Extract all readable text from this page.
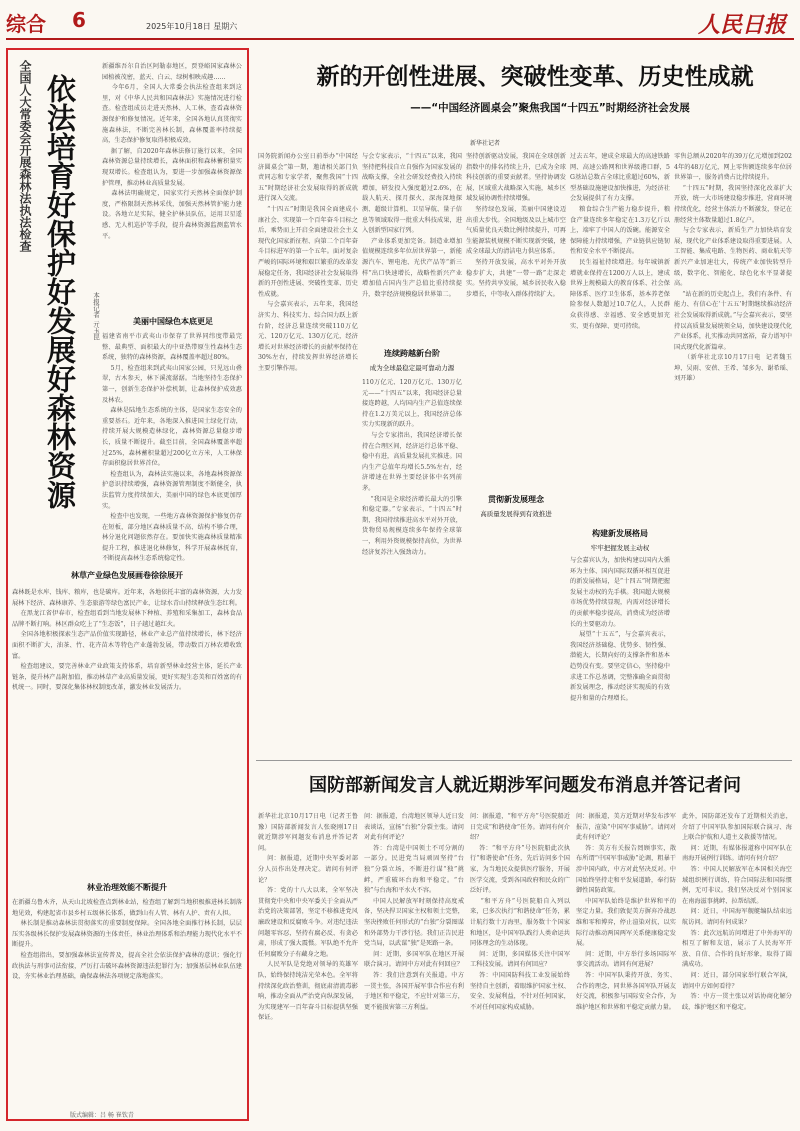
综合 6	2025年10月18日 星期六	人民日报
全国人大常委会开展森林法执法检查 依法培育好保护好发展好森林资源	本报记者 亓玉昆
新疆维吾尔自治区阿勒泰地区，贾登峪国家森林公园植被茂密，蓝天、白云、绿树相映成趣……
今年6月，全国人大常委会执法检查组来到这里，对《中华人民共和国森林法》实施情况进行检查。检查组成员走进天然林、人工林，查看森林资源保护和修复情况。近年来，全国各地认真贯彻实施森林法，不断完善林长制，森林覆盖率持续提高，生态保护修复取得积极成效。
据了解，自2020年森林法修订施行以来，全国森林资源总量持续增长，森林面积和森林蓄积量实现双增长。检查组认为，要进一步加强森林资源保护管理，推动林业高质量发展。
森林法明确规定，国家实行天然林全面保护制度，严格限制天然林采伐，加强天然林管护能力建设。各地立足实际，健全护林员队伍，运用卫星遥感、无人机巡护等手段，提升森林资源监测监管水平。
美丽中国绿色本底更足
福建省南平市武夷山市保存了世界同纬度带最完整、最典型、面积最大的中亚热带原生性森林生态系统，独特的森林资源，森林覆盖率超过80%。
5月，检查组来到武夷山国家公园，只见远山叠翠，古木参天，林下溪流潺潺。当地坚持生态保护第一，创新生态保护补偿机制，让森林保护成效惠及林农。
森林是陆地生态系统的主体，是国家生态安全的重要基石。近年来，各地深入推进国土绿化行动，持续开展大规模造林绿化，森林资源总量稳步增长，质量不断提升。截至目前，全国森林覆盖率超过25%，森林蓄积量超过200亿立方米，人工林保存面积稳居世界首位。
检查组认为，森林法实施以来，各地森林资源保护意识持续增强，森林资源管理制度不断健全，执法监管力度持续加大，美丽中国的绿色本底更加厚实。
检查中也发现，一些地方森林资源保护修复仍存在短板，部分地区森林质量不高、结构不够合理，林分退化问题依然存在。要加快实施森林质量精准提升工程，推进退化林修复，科学开展森林抚育，不断提高森林生态系统稳定性。
林草产业绿色发展画卷徐徐展开
森林既是水库、钱库、粮库，也是碳库。近年来，各地依托丰富的森林资源，大力发展林下经济、森林康养、生态旅游等绿色富民产业，让绿水青山持续释放生态红利。
在黑龙江省伊春市，检查组看到当地发展林下种植、养殖和采集加工，森林食品品牌不断打响。林区群众吃上了“生态饭”，日子越过越红火。
全国各地积极探索生态产品价值实现路径，林业产业总产值持续增长，林下经济面积不断扩大，油茶、竹、花卉苗木等特色产业蓬勃发展，带动数百万林农增收致富。
检查组建议，要完善林业产业政策支持体系，培育新型林业经营主体，延长产业链条，提升林产品附加值，推动林草产业高质量发展，更好实现生态美和百姓富的有机统一。同时，要深化集体林权制度改革，激发林业发展活力。
林业治理效能不断提升
在新疆乌鲁木齐，从天山北坡检查点到林业站，检查组了解到当地积极推进林长制落地见效，构建起省市县乡村五级林长体系，做到山有人管、林有人护、责有人担。
林长制是推动森林法贯彻落实的重要制度保障。全国各地全面推行林长制，层层压实各级林长保护发展森林资源的主体责任，林业治理体系和治理能力现代化水平不断提升。
检查组指出，要加强森林法宣传普及，提高全社会依法保护森林的意识；强化行政执法与刑事司法衔接，严厉打击破坏森林资源违法犯罪行为；加强基层林业队伍建设，夯实林业治理基础，确保森林法各项规定落地落实。
版式编辑：吕 畅 崔钦青
新的开创性进展、突破性变革、历史性成就
——“中国经济圆桌会”聚焦我国“十四五”时期经济社会发展
新华社记者
国务院新闻办公室日前举办“中国经济圆桌会”第一期，邀请相关部门负责同志和专家学者，聚焦我国“十四五”时期经济社会发展取得的新成就进行深入交流。
“十四五”时期是我国全面建成小康社会、实现第一个百年奋斗目标之后，乘势而上开启全面建设社会主义现代化国家新征程、向第二个百年奋斗目标进军的第一个五年。面对复杂严峻的国际环境和艰巨繁重的改革发展稳定任务，我国经济社会发展取得新的开创性进展、突破性变革、历史性成就。
与会嘉宾表示，五年来，我国经济实力、科技实力、综合国力跃上新台阶，经济总量连续突破110万亿元、120万亿元、130万亿元，经济增长对世界经济增长的贡献率保持在30%左右，持续发挥世界经济增长主要引擎作用。
连续跨越新台阶
成为全球最稳定最可靠动力源
与会专家表示，“十四五”以来，我国坚持把科技自立自强作为国家发展的战略支撑，全社会研发经费投入持续增加，研发投入强度超过2.6%，在载人航天、探月探火、深海深地探测、超级计算机、卫星导航、量子信息等领域取得一批重大科技成果，进入创新型国家行列。
产业体系更加完备。制造业增加值规模连续多年位居世界第一，新能源汽车、锂电池、光伏产品等“新三样”出口快速增长，战略性新兴产业增加值占国内生产总值比重持续提升，数字经济规模稳居世界第二。
110万亿元、120万亿元、130万亿元——“十四五”以来，我国经济总量接连跨越，人均国内生产总值连续保持在1.2万美元以上，我国经济总体实力实现新的跃升。
与会专家指出，我国经济增长保持在合理区间，经济运行总体平稳、稳中有进，高质量发展扎实推进。国内生产总值年均增长5.5%左右，经济增速在世界主要经济体中名列前茅。
“我国是全球经济增长最大的引擎和稳定器。”专家表示，“十四五”时期，我国持续推进高水平对外开放，货物贸易规模连续多年保持全球第一，利用外资规模保持高位，为世界经济复苏注入强劲动力。
贯彻新发展理念
高质量发展得到有效推进
坚持创新驱动发展，我国在全球创新指数中的排名持续上升，已成为全球科技创新的重要贡献者。坚持协调发展，区域重大战略深入实施，城乡区域发展协调性持续增强。
坚持绿色发展，美丽中国建设迈出重大步伐。全国地级及以上城市空气质量优良天数比例持续提升，可再生能源装机规模不断实现新突破，建成全球最大的清洁电力供应体系。
坚持开放发展，高水平对外开放稳步扩大，共建“一带一路”走深走实。坚持共享发展，城乡居民收入稳步增长，中等收入群体持续扩大。
过去五年，建成全球最大的高速铁路网、高速公路网和世界级港口群，5G基站总数占全球比重超过60%，新型基础设施建设加快推进，为经济社会发展提供了有力支撑。
粮食综合生产能力稳步提升，粮食产量连续多年稳定在1.3万亿斤以上，端牢了中国人的饭碗。能源安全保障能力持续增强，产业链供应链韧性和安全水平不断提高。
民生福祉持续增进。每年城镇新增就业保持在1200万人以上，建成世界上规模最大的教育体系、社会保障体系、医疗卫生体系，基本养老保险参保人数超过10.7亿人，人民群众获得感、幸福感、安全感更加充实、更有保障、更可持续。
构建新发展格局
牢牢把握发展主动权
与会嘉宾认为，加快构建以国内大循环为主体、国内国际双循环相互促进的新发展格局，是“十四五”时期把握发展主动权的先手棋。我国超大规模市场优势持续显现，内需对经济增长的贡献率稳步提高，消费成为经济增长的主要驱动力。
展望“十五五”，与会嘉宾表示，我国经济基础稳、优势多、韧性强、潜能大，长期向好的支撑条件和基本趋势没有变。要坚定信心，坚持稳中求进工作总基调，完整准确全面贯彻新发展理念，推动经济实现质的有效提升和量的合理增长。
零售总额从2020年的39万亿元增加到2024年的48万亿元，网上零售额连续多年位居世界第一，服务消费占比持续提升。
“十四五”时期，我国坚持深化改革扩大开放，统一大市场建设稳步推进，营商环境持续优化，经营主体活力不断激发，登记在册经营主体数量超过1.8亿户。
与会专家表示，新质生产力加快培育发展，现代化产业体系建设取得重要进展。人工智能、集成电路、生物医药、商业航天等新兴产业加速壮大，传统产业加快转型升级，数字化、智能化、绿色化水平显著提高。
“站在新的历史起点上，我们有条件、有能力、有信心在‘十五五’时期继续推动经济社会发展取得新成就。”与会嘉宾表示，要坚持以高质量发展统领全局，加快建设现代化产业体系，扎实推动共同富裕，奋力谱写中国式现代化新篇章。
（新华社北京10月17日电  记者魏玉坤、吴雨、安蓓、王希、邹多为、谢希瑶、刘开雄）
国防部新闻发言人就近期涉军问题发布消息并答记者问
新华社北京10月17日电（记者王鲁豫）国防部新闻发言人张晓刚17日就近期涉军问题发布消息并答记者问。
问：据报道，近期中央军委对部分人员作出处理决定。请问有何评论？
答：党的十八大以来，全军坚决贯彻党中央和中央军委关于全面从严治党的决策部署，坚定不移推进党风廉政建设和反腐败斗争。对违纪违法问题零容忍，坚持有腐必反、有贪必肃，形成了强大震慑。军队绝不允许任何腐败分子有藏身之地。
人民军队是党绝对领导的英雄军队，始终保持纯洁光荣本色。全军将持续深化政治整训，彻底肃清流毒影响，推动全面从严治党向纵深发展，为实现建军一百年奋斗目标提供坚强保证。
问：据报道，台湾地区领导人近日发表谈话，宣扬“台独”分裂主张。请问对此有何评论？
答：台湾是中国领土不可分割的一部分。民进党当局顽固坚持“台独”分裂立场，不断进行谋“独”挑衅，严重破坏台海和平稳定。“台独”与台海和平水火不容。
中国人民解放军时刻保持高度戒备，坚决捍卫国家主权和领土完整，坚决挫败任何形式的“台独”分裂图谋和外部势力干涉行径。我们正告民进党当局，以武谋“独”是死路一条。
问：近期，多国军队在地区开展联合演习。请问中方对此有何回应？
答：我们注意到有关报道。中方一贯主张，各国开展军事合作应有利于地区和平稳定，不应针对第三方，更不能损害第三方利益。
问：据报道，“和平方舟”号医院船近日完成“和谐使命”任务。请问有何介绍？
答：“和平方舟”号医院船此次执行“和谐使命”任务，先后访问多个国家，为当地民众提供医疗服务，开展医学交流，受到各国政府和民众的广泛好评。
“和平方舟”号医院船自入列以来，已多次执行“和谐使命”任务，累计航行数十万海里，服务数十个国家和地区，是中国军队践行人类命运共同体理念的生动体现。
问：近期，多国媒体关注中国军工科技发展。请问有何回应？
答：中国国防科技工业发展始终坚持自主创新，着眼维护国家主权、安全、发展利益，不针对任何国家，不对任何国家构成威胁。
问：据报道，美方近期对华发布涉军报告，渲染“中国军事威胁”。请问对此有何评论？
答：美方有关报告罔顾事实，散布所谓“中国军事威胁”论调，粗暴干涉中国内政，中方对此坚决反对。中国始终坚持走和平发展道路，奉行防御性国防政策。
中国军队始终是维护世界和平的坚定力量。我们敦促美方摒弃冷战思维和零和博弈，停止渲染对抗，以实际行动推动两国两军关系健康稳定发展。
问：近期，中方举行多场国际军事交流活动。请问有何进展？
答：中国军队秉持开放、务实、合作的理念，同世界各国军队开展友好交流，积极参与国际安全合作，为维护地区和世界和平稳定贡献力量。
此外，国防部还发布了近期相关消息，介绍了中国军队参加国际联合演习、海上联合护航和人道主义救援等情况。
问：近期，有媒体报道称中国军队在南海开展例行训练。请问有何介绍？
答：中国人民解放军在本国相关海空域组织例行训练，符合国际法和国际惯例，无可非议。我们坚决反对个别国家在南海滋事挑衅、拉帮结派。
问：近日，中国海军舰艇编队结束远航访问。请问有何成果？
答：此次远航访问增进了中外海军的相互了解和友谊，展示了人民海军开放、自信、合作的良好形象，取得了圆满成功。
问：近日，部分国家举行联合军演，请问中方如何看待？
答：中方一贯主张以对话协商化解分歧，维护地区和平稳定。
